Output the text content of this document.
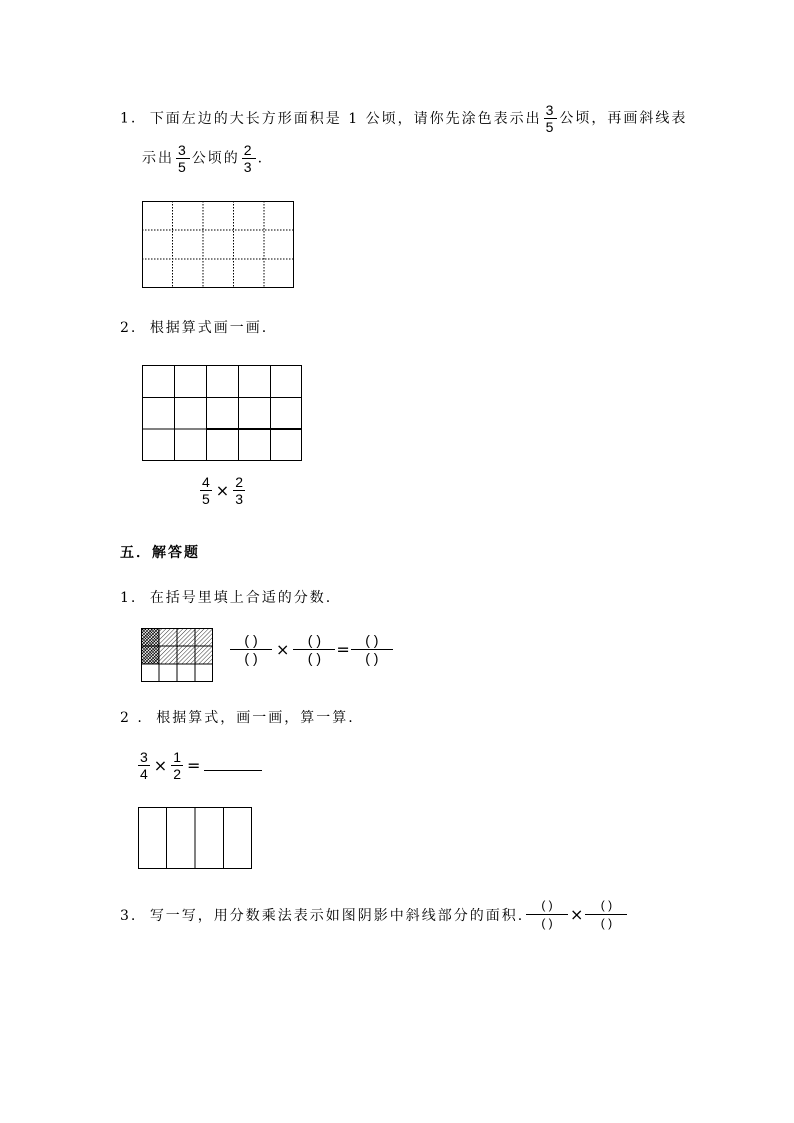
1. 下面左边的大长方形面积是 1 公顷，请你先涂色表示出 $\frac{3}{5}$ 公顷，再画斜线表
示出 $\frac{3}{5}$ 公顷的 $\frac{2}{3}$ .
2. 根据算式画一画.
$\frac{4}{5} \times \frac{2}{3}$
五．解答题
1. 在括号里填上合适的分数.
$\frac{( )}{( )} \times \frac{( )}{( )} = \frac{( )}{( )}$
2 . 根据算式，画一画，算一算.
$\frac{3}{4} \times \frac{1}{2}$ =
3. 写一写，用分数乘法表示如图阴影中斜线部分的面积. $\frac{( )}{( )} \times \frac{( )}{( )}$
